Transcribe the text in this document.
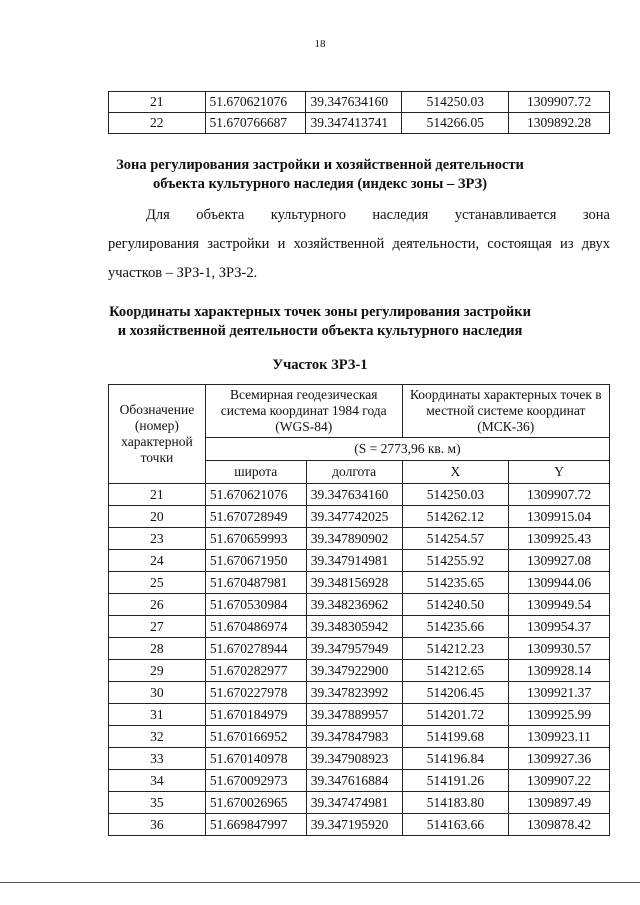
18
21	51.670621076	39.347634160	514250.03	1309907.72
22	51.670766687	39.347413741	514266.05	1309892.28
Зона регулирования застройки и хозяйственной деятельности
объекта культурного наследия (индекс зоны – ЗРЗ)
Для объекта культурного наследия устанавливается зона
регулирования застройки и хозяйственной деятельности, состоящая из двух
участков – ЗРЗ-1, ЗРЗ-2.
Координаты характерных точек зоны регулирования застройки
и хозяйственной деятельности объекта культурного наследия
Участок ЗРЗ-1
Обозначение (номер) характерной точки	Всемирная геодезическая система координат 1984 года (WGS-84)		Координаты характерных точек в местной системе координат (МСК-36)	
	(S = 2773,96 кв. м)			
	широта	долгота	X	Y
21	51.670621076	39.347634160	514250.03	1309907.72
20	51.670728949	39.347742025	514262.12	1309915.04
23	51.670659993	39.347890902	514254.57	1309925.43
24	51.670671950	39.347914981	514255.92	1309927.08
25	51.670487981	39.348156928	514235.65	1309944.06
26	51.670530984	39.348236962	514240.50	1309949.54
27	51.670486974	39.348305942	514235.66	1309954.37
28	51.670278944	39.347957949	514212.23	1309930.57
29	51.670282977	39.347922900	514212.65	1309928.14
30	51.670227978	39.347823992	514206.45	1309921.37
31	51.670184979	39.347889957	514201.72	1309925.99
32	51.670166952	39.347847983	514199.68	1309923.11
33	51.670140978	39.347908923	514196.84	1309927.36
34	51.670092973	39.347616884	514191.26	1309907.22
35	51.670026965	39.347474981	514183.80	1309897.49
36	51.669847997	39.347195920	514163.66	1309878.42
